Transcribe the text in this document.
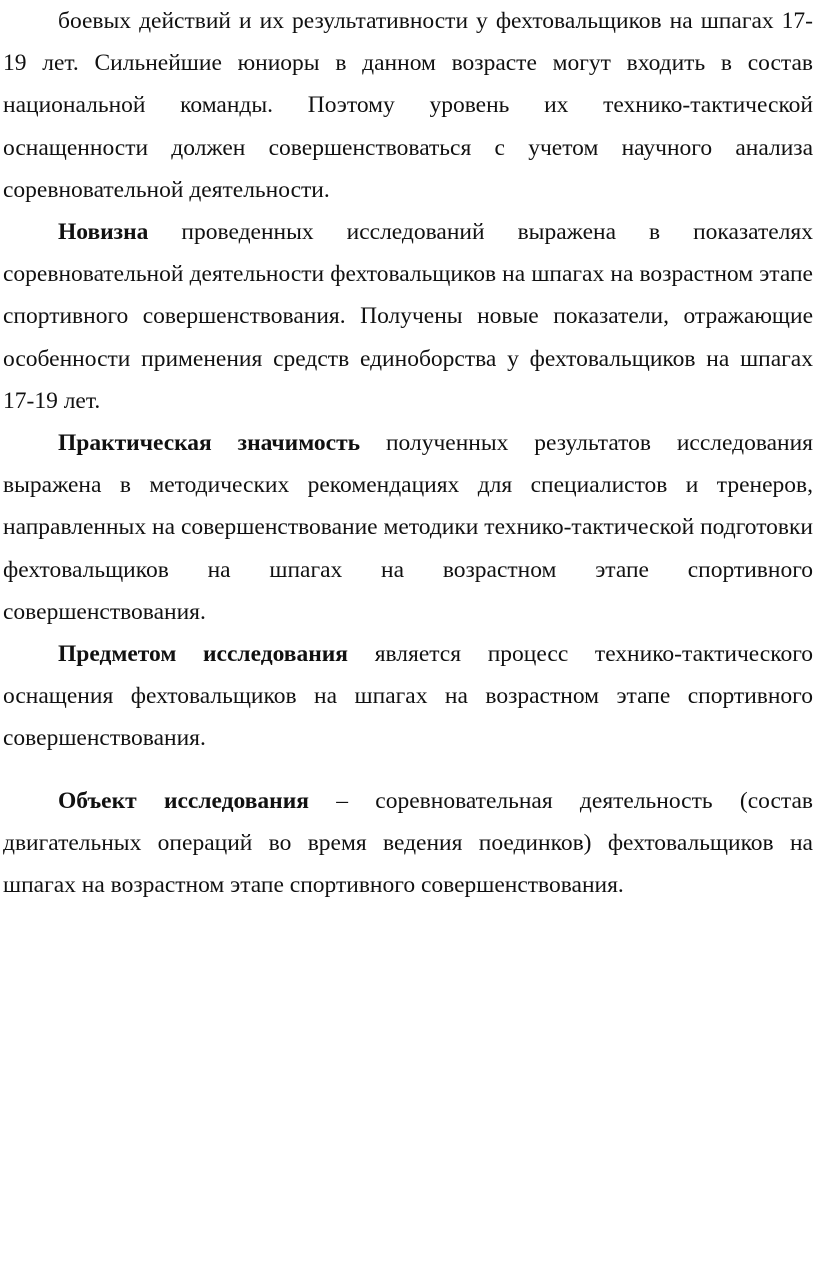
боевых действий и их результативности у фехтовальщиков на шпагах 17-19 лет. Сильнейшие юниоры в данном возрасте могут входить в состав национальной команды. Поэтому уровень их технико-тактической оснащенности должен совершенствоваться с учетом научного анализа соревновательной деятельности.

Новизна проведенных исследований выражена в показателях соревновательной деятельности фехтовальщиков на шпагах на возрастном этапе спортивного совершенствования. Получены новые показатели, отражающие особенности применения средств единоборства у фехтовальщиков на шпагах 17-19 лет.

Практическая значимость полученных результатов исследования выражена в методических рекомендациях для специалистов и тренеров, направленных на совершенствование методики технико-тактической подготовки фехтовальщиков на шпагах на возрастном этапе спортивного совершенствования.

Предметом исследования является процесс технико-тактического оснащения фехтовальщиков на шпагах на возрастном этапе спортивного совершенствования.

Объект исследования – соревновательная деятельность (состав двигательных операций во время ведения поединков) фехтовальщиков на шпагах на возрастном этапе спортивного совершенствования.
